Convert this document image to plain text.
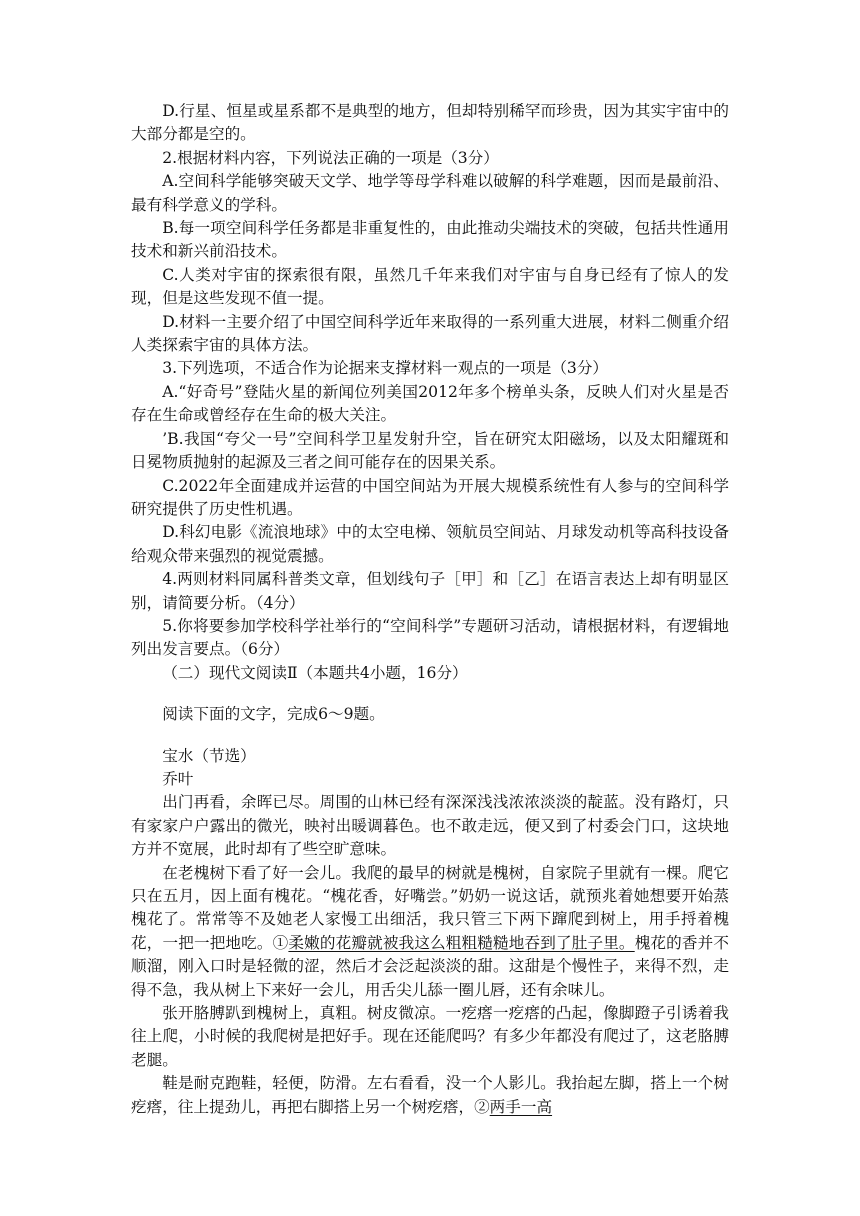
D.行星、恒星或星系都不是典型的地方，但却特别稀罕而珍贵，因为其实宇宙中的大部分都是空的。

2.根据材料内容，下列说法正确的一项是（3分）

A.空间科学能够突破天文学、地学等母学科难以破解的科学难题，因而是最前沿、最有科学意义的学科。

B.每一项空间科学任务都是非重复性的，由此推动尖端技术的突破，包括共性通用技术和新兴前沿技术。

C.人类对宇宙的探索很有限，虽然几千年来我们对宇宙与自身已经有了惊人的发现，但是这些发现不值一提。

D.材料一主要介绍了中国空间科学近年来取得的一系列重大进展，材料二侧重介绍人类探索宇宙的具体方法。

3.下列选项，不适合作为论据来支撑材料一观点的一项是（3分）

A.“好奇号”登陆火星的新闻位列美国2012年多个榜单头条，反映人们对火星是否存在生命或曾经存在生命的极大关注。

’B.我国“夸父一号”空间科学卫星发射升空，旨在研究太阳磁场，以及太阳耀斑和日冕物质抛射的起源及三者之间可能存在的因果关系。

C.2022年全面建成并运营的中国空间站为开展大规模系统性有人参与的空间科学研究提供了历史性机遇。

D.科幻电影《流浪地球》中的太空电梯、领航员空间站、月球发动机等高科技设备给观众带来强烈的视觉震撼。

4.两则材料同属科普类文章，但划线句子［甲］和［乙］在语言表达上却有明显区别，请简要分析。（4分）

5.你将要参加学校科学社举行的“空间科学”专题研习活动，请根据材料，有逻辑地列出发言要点。（6分）

（二）现代文阅读Ⅱ（本题共4小题，16分）

阅读下面的文字，完成6～9题。

宝水（节选）

乔叶

出门再看，余晖已尽。周围的山林已经有深深浅浅浓浓淡淡的靛蓝。没有路灯，只有家家户户露出的微光，映衬出暖调暮色。也不敢走远，便又到了村委会门口，这块地方并不宽展，此时却有了些空旷意味。

在老槐树下看了好一会儿。我爬的最早的树就是槐树，自家院子里就有一棵。爬它只在五月，因上面有槐花。“槐花香，好嘴尝。”奶奶一说这话，就预兆着她想要开始蒸槐花了。常常等不及她老人家慢工出细活，我只管三下两下蹿爬到树上，用手捋着槐花，一把一把地吃。①柔嫩的花瓣就被我这么粗粗糙糙地吞到了肚子里。槐花的香并不顺溜，刚入口时是轻微的涩，然后才会泛起淡淡的甜。这甜是个慢性子，来得不烈，走得不急，我从树上下来好一会儿，用舌尖儿舔一圈儿唇，还有余味儿。

张开胳膊趴到槐树上，真粗。树皮微凉。一疙瘩一疙瘩的凸起，像脚蹬子引诱着我往上爬，小时候的我爬树是把好手。现在还能爬吗？有多少年都没有爬过了，这老胳膊老腿。

鞋是耐克跑鞋，轻便，防滑。左右看看，没一个人影儿。我抬起左脚，搭上一个树疙瘩，往上提劲儿，再把右脚搭上另一个树疙瘩，②两手一高
